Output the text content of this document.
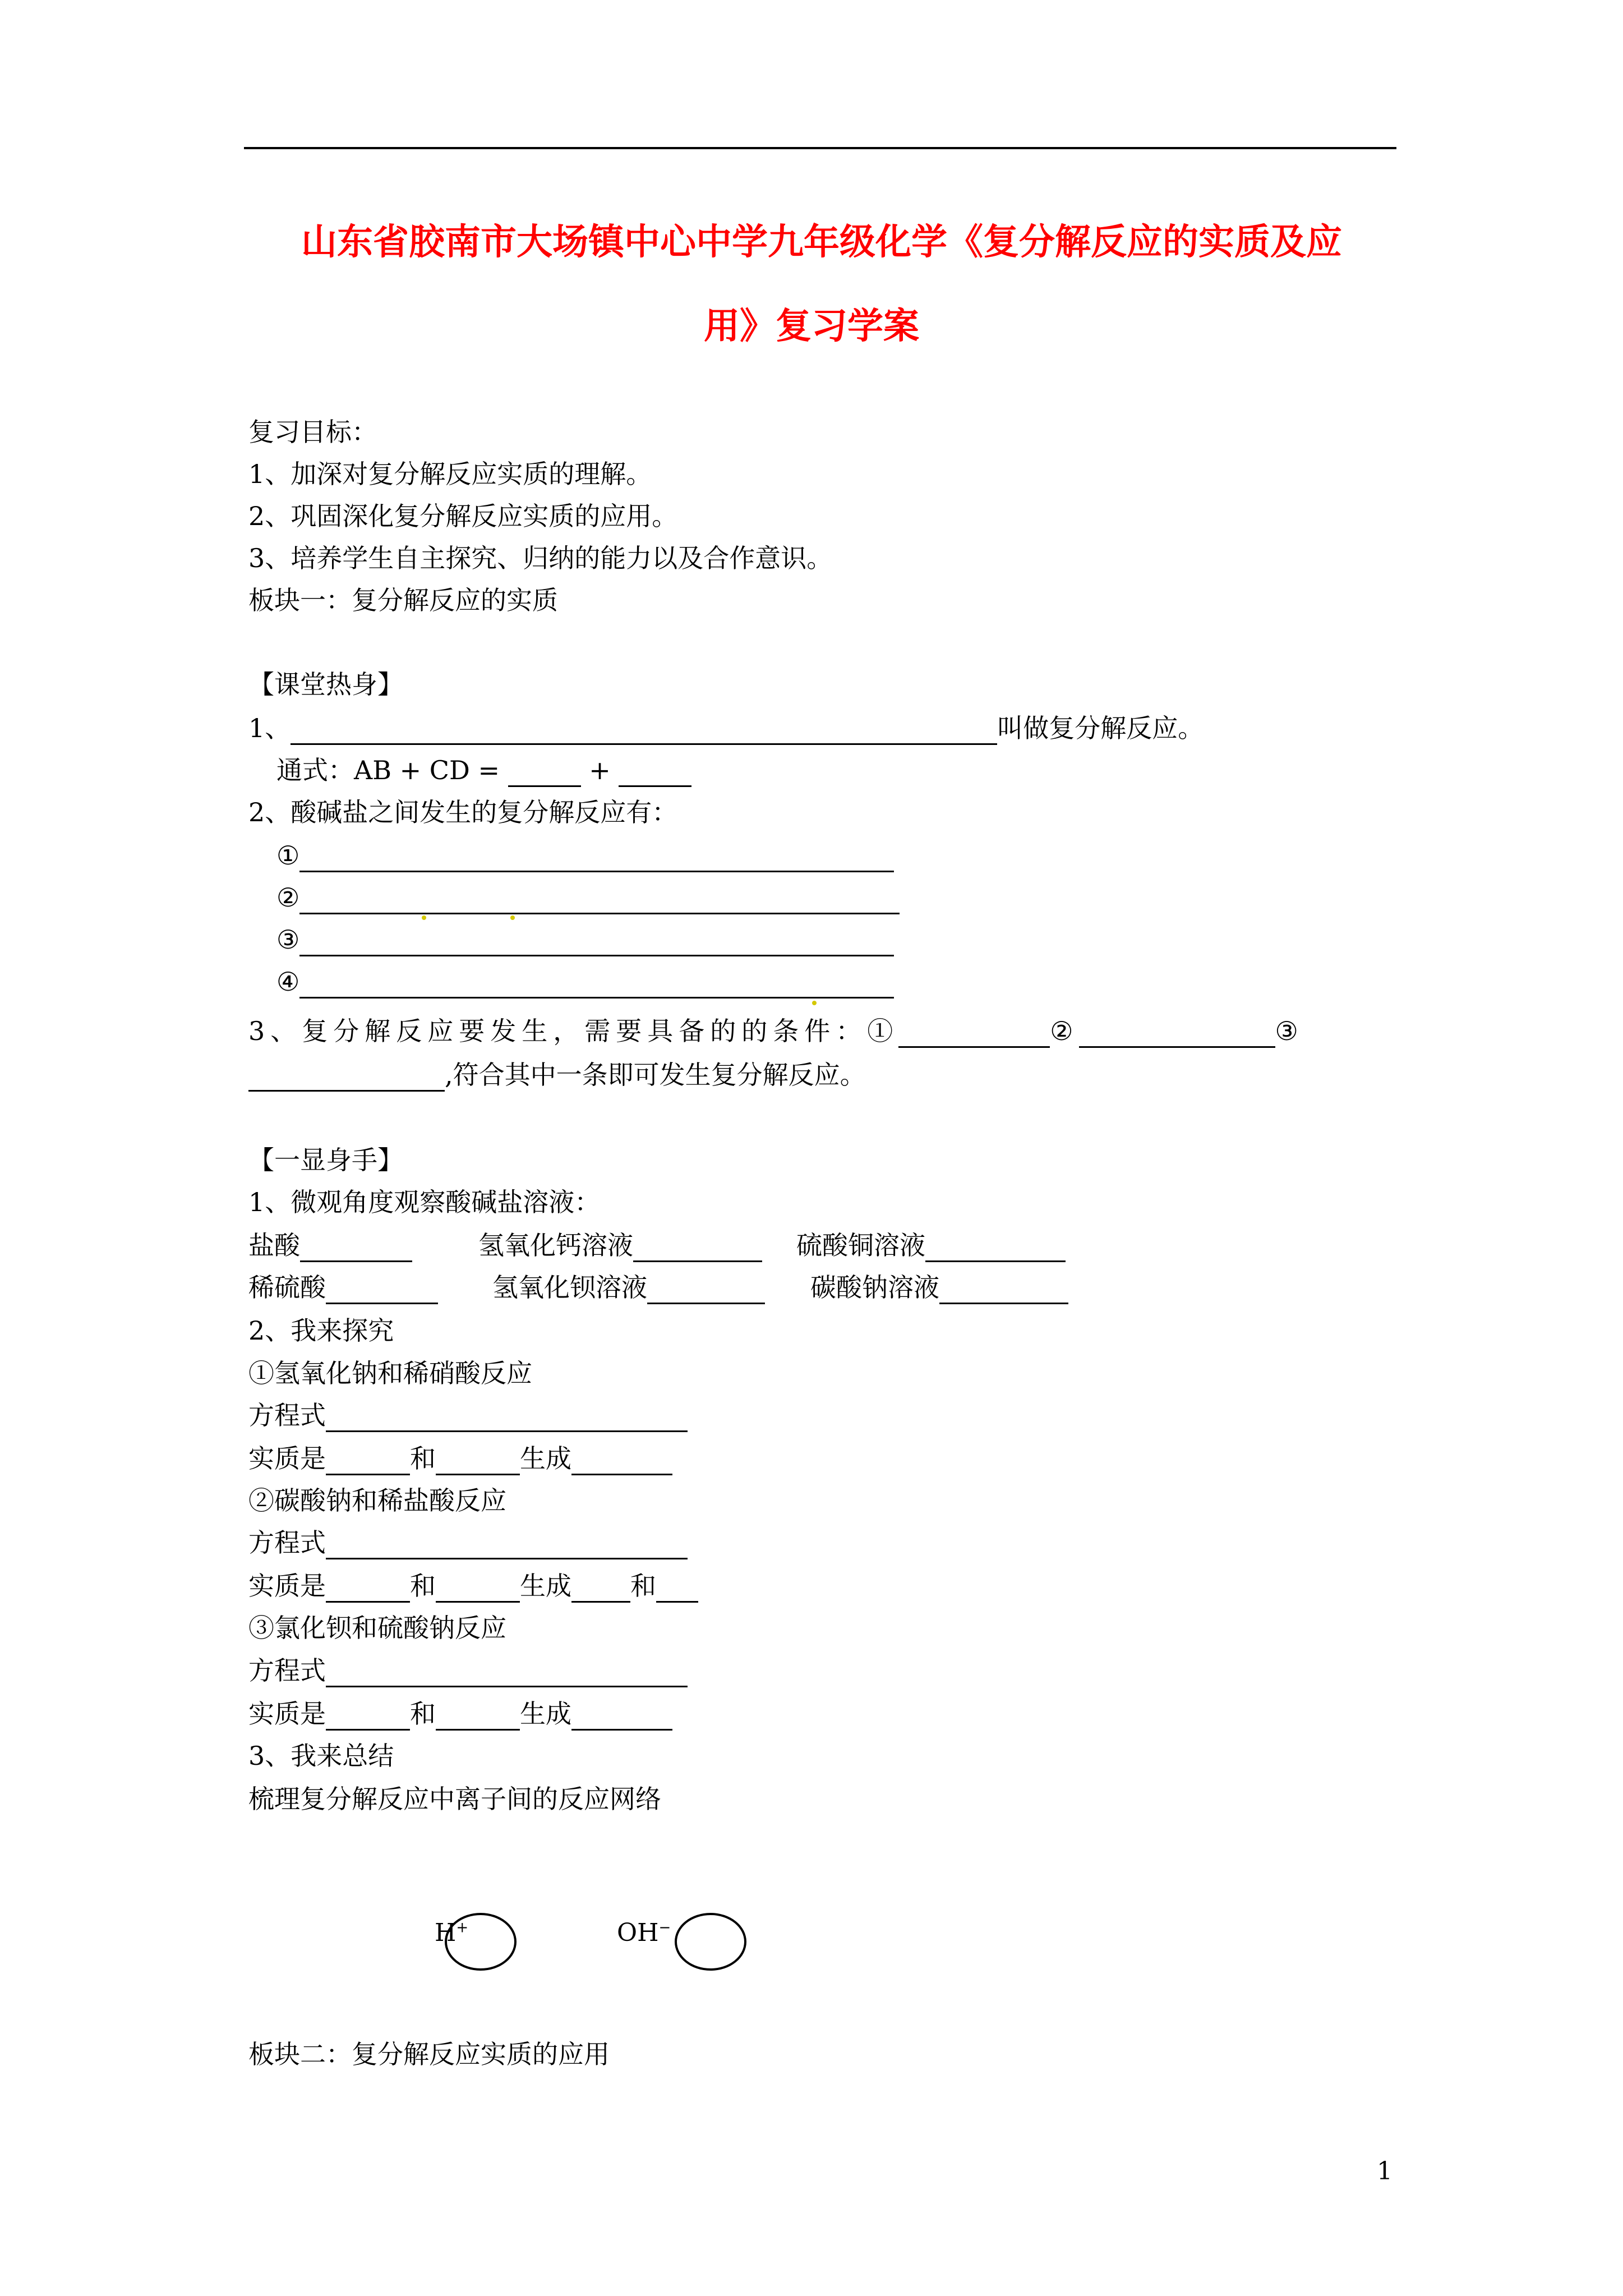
山东省胶南市大场镇中心中学九年级化学《复分解反应的实质及应
用》复习学案
复习目标：
1、加深对复分解反应实质的理解。
2、巩固深化复分解反应实质的应用。
3、培养学生自主探究、归纳的能力以及合作意识。
板块一：复分解反应的实质
【课堂热身】
1、	叫做复分解反应。
通式：AB + CD =	+
2、酸碱盐之间发生的复分解反应有：
①
②
③
④
3、复分解反应要发生，需要具备的的条件：①	②	③
,符合其中一条即可发生复分解反应。
【一显身手】
1、微观角度观察酸碱盐溶液：
盐酸	氢氧化钙溶液	硫酸铜溶液
稀硫酸	氢氧化钡溶液	碳酸钠溶液
2、我来探究
①氢氧化钠和稀硝酸反应
方程式
实质是	和	生成
②碳酸钠和稀盐酸反应
方程式
实质是	和	生成 和
③氯化钡和硫酸钠反应
方程式
实质是	和	生成
3、我来总结
梳理复分解反应中离子间的反应网络
H+	OH−
板块二：复分解反应实质的应用
1
